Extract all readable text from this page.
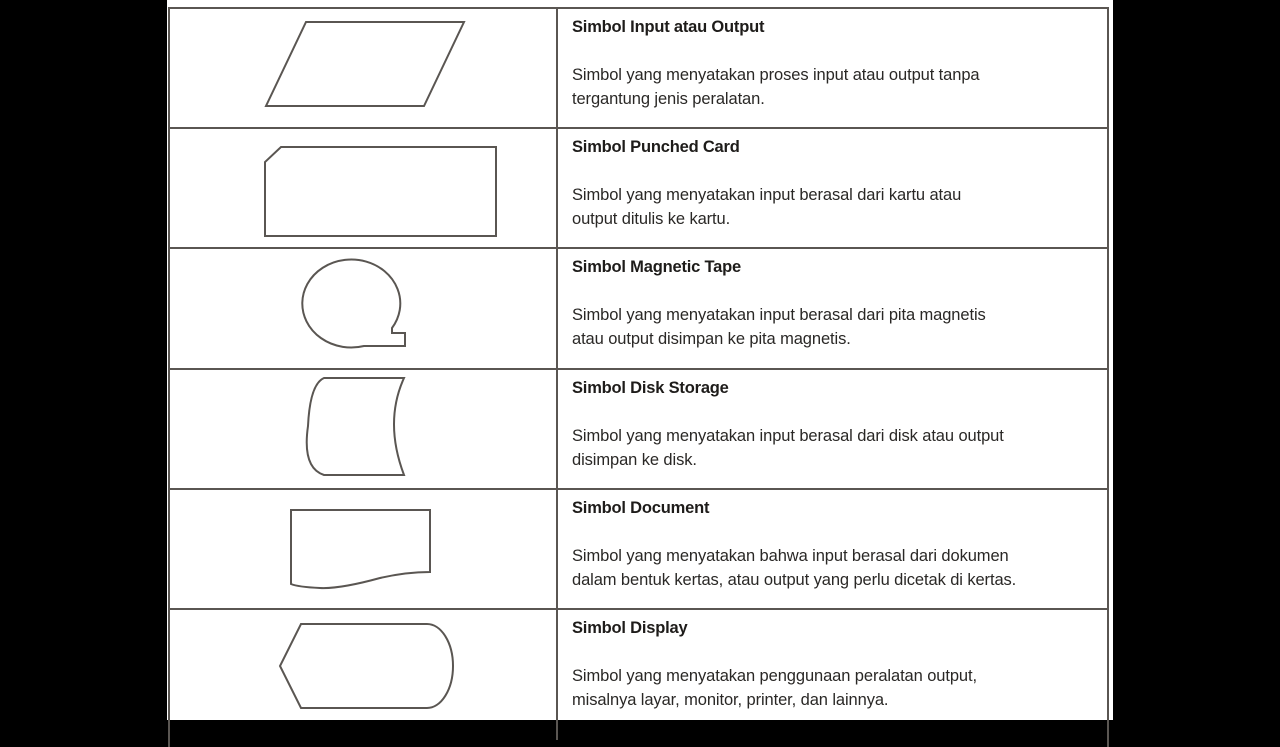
Simbol Input atau Output
Simbol yang menyatakan proses input atau output tanpa
tergantung jenis peralatan.
Simbol Punched Card
Simbol yang menyatakan input berasal dari kartu atau
output ditulis ke kartu.
Simbol Magnetic Tape
Simbol yang menyatakan input berasal dari pita magnetis
atau output disimpan ke pita magnetis.
Simbol Disk Storage
Simbol yang menyatakan input berasal dari disk atau output
disimpan ke disk.
Simbol Document
Simbol yang menyatakan bahwa input berasal dari dokumen
dalam bentuk kertas, atau output yang perlu dicetak di kertas.
Simbol Display
Simbol yang menyatakan penggunaan peralatan output,
misalnya layar, monitor, printer, dan lainnya.
